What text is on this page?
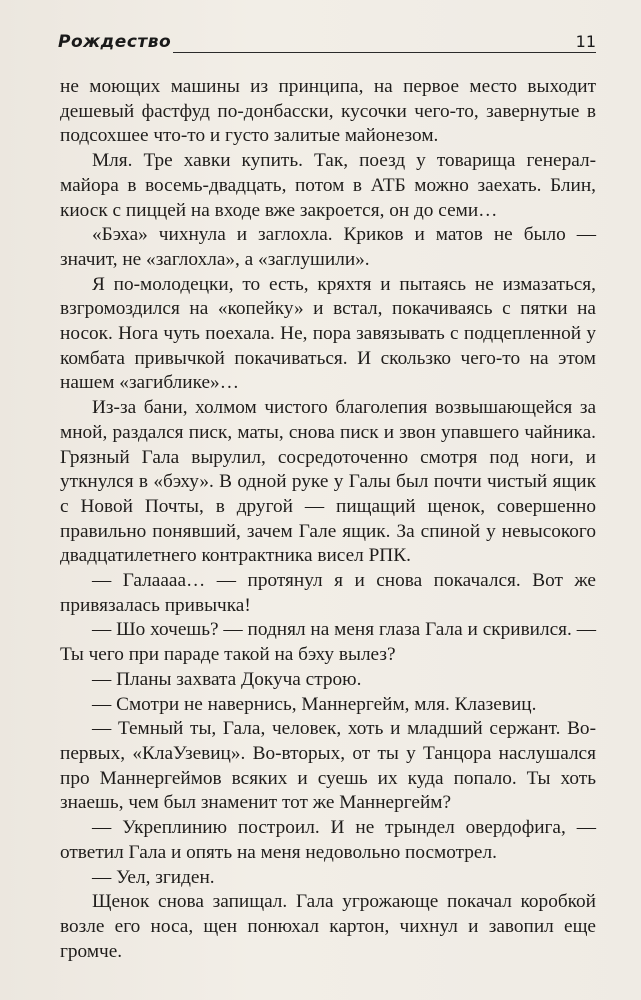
Рождество	11

не моющих машины из принципа, на первое место выходит дешевый фастфуд по-донбасски, кусочки чего-то, завернутые в подсохшее что-то и густо залитые майонезом.

Мля. Тре хавки купить. Так, поезд у товарища генерал-майора в восемь-двадцать, потом в АТБ можно заехать. Блин, киоск с пиццей на входе вже закроется, он до семи…

«Бэха» чихнула и заглохла. Криков и матов не было — значит, не «заглохла», а «заглушили».

Я по-молодецки, то есть, кряхтя и пытаясь не измазаться, взгромоздился на «копейку» и встал, покачиваясь с пятки на носок. Нога чуть поехала. Не, пора завязывать с подцепленной у комбата привычкой покачиваться. И скользко чего-то на этом нашем «загиблике»…

Из-за бани, холмом чистого благолепия возвышающейся за мной, раздался писк, маты, снова писк и звон упавшего чайника. Грязный Гала вырулил, сосредоточенно смотря под ноги, и уткнулся в «бэху». В одной руке у Галы был почти чистый ящик с Новой Почты, в другой — пищащий щенок, совершенно правильно понявший, зачем Гале ящик. За спиной у невысокого двадцатилетнего контрактника висел РПК.

— Галаааа… — протянул я и снова покачался. Вот же привязалась привычка!

— Шо хочешь? — поднял на меня глаза Гала и скривился. — Ты чего при параде такой на бэху вылез?

— Планы захвата Докуча строю.

— Смотри не навернись, Маннергейм, мля. Клазевиц.

— Темный ты, Гала, человек, хоть и младший сержант. Во-первых, «КлаУзевиц». Во-вторых, от ты у Танцора наслушался про Маннергеймов всяких и суешь их куда попало. Ты хоть знаешь, чем был знаменит тот же Маннергейм?

— Укреплинию построил. И не трындел овердофига, — ответил Гала и опять на меня недовольно посмотрел.

— Уел, згиден.

Щенок снова запищал. Гала угрожающе покачал коробкой возле его носа, щен понюхал картон, чихнул и завопил еще громче.
